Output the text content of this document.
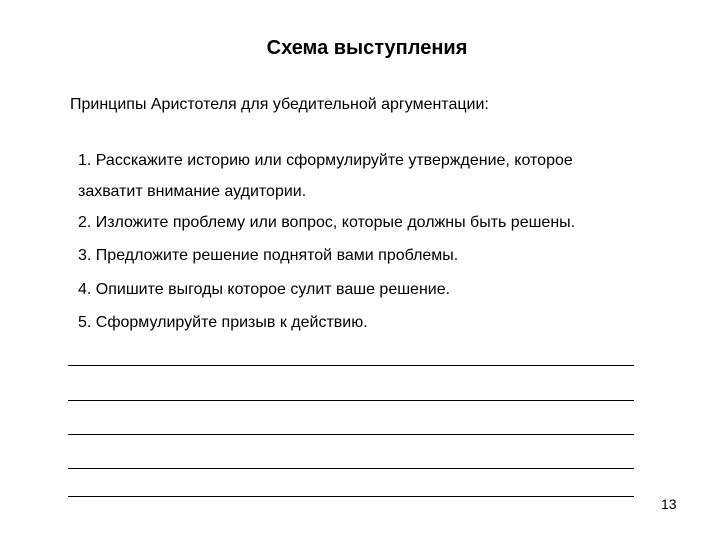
Схема выступления
Принципы Аристотеля для убедительной аргументации:
1. Расскажите историю или сформулируйте утверждение, которое
захватит внимание аудитории.
2. Изложите проблему или вопрос, которые должны быть решены.
3. Предложите решение поднятой вами проблемы.
4. Опишите выгоды которое сулит ваше решение.
5. Сформулируйте призыв к действию.
13
